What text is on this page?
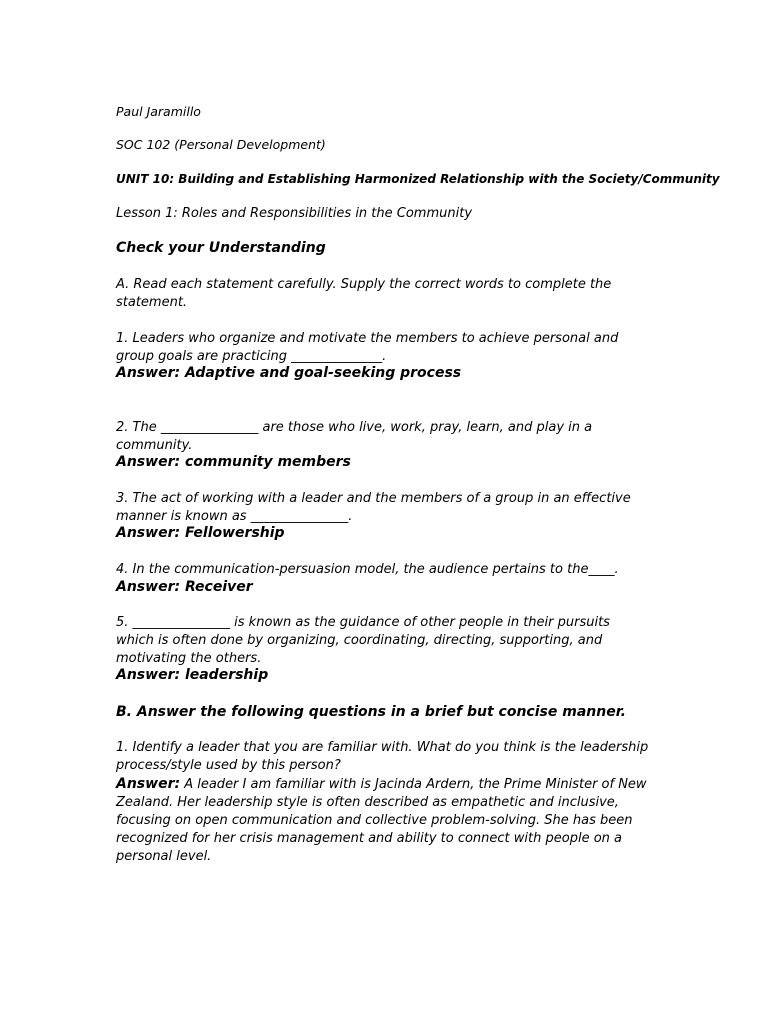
Paul Jaramillo
SOC 102 (Personal Development)
UNIT 10: Building and Establishing Harmonized Relationship with the Society/Community
Lesson 1: Roles and Responsibilities in the Community
Check your Understanding
A. Read each statement carefully. Supply the correct words to complete the statement.
1. Leaders who organize and motivate the members to achieve personal and group goals are practicing ______________.
Answer: Adaptive and goal-seeking process
2. The _______________ are those who live, work, pray, learn, and play in a community.
Answer: community members
3. The act of working with a leader and the members of a group in an effective manner is known as _______________.
Answer: Fellowership
4. In the communication-persuasion model, the audience pertains to the____.
Answer: Receiver
5. _______________ is known as the guidance of other people in their pursuits which is often done by organizing, coordinating, directing, supporting, and motivating the others.
Answer: leadership
B. Answer the following questions in a brief but concise manner.
1. Identify a leader that you are familiar with. What do you think is the leadership process/style used by this person?
Answer: A leader I am familiar with is Jacinda Ardern, the Prime Minister of New Zealand. Her leadership style is often described as empathetic and inclusive, focusing on open communication and collective problem-solving. She has been recognized for her crisis management and ability to connect with people on a personal level.
